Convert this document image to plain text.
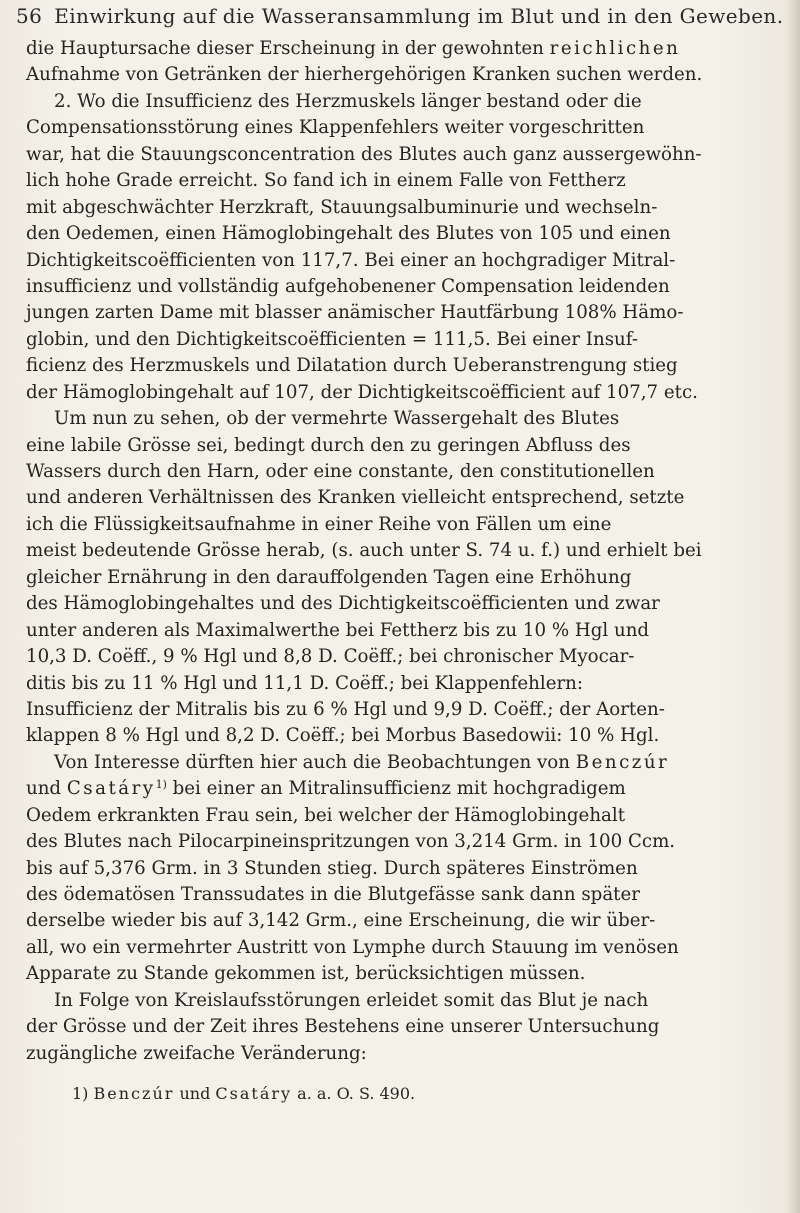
56 Einwirkung auf die Wasseransammlung im Blut und in den Geweben.
die Hauptursache dieser Erscheinung in der gewohnten reichlichen
Aufnahme von Getränken der hierhergehörigen Kranken suchen werden.
2. Wo die Insufficienz des Herzmuskels länger bestand oder die
Compensationsstörung eines Klappenfehlers weiter vorgeschritten
war, hat die Stauungsconcentration des Blutes auch ganz aussergewöhn-
lich hohe Grade erreicht. So fand ich in einem Falle von Fettherz
mit abgeschwächter Herzkraft, Stauungsalbuminurie und wechseln-
den Oedemen, einen Hämoglobingehalt des Blutes von 105 und einen
Dichtigkeitscoëfficienten von 117,7. Bei einer an hochgradiger Mitral-
insufficienz und vollständig aufgehobenener Compensation leidenden
jungen zarten Dame mit blasser anämischer Hautfärbung 108% Hämo-
globin, und den Dichtigkeitscoëfficienten = 111,5. Bei einer Insuf-
ficienz des Herzmuskels und Dilatation durch Ueberanstrengung stieg
der Hämoglobingehalt auf 107, der Dichtigkeitscoëfficient auf 107,7 etc.
Um nun zu sehen, ob der vermehrte Wassergehalt des Blutes
eine labile Grösse sei, bedingt durch den zu geringen Abfluss des
Wassers durch den Harn, oder eine constante, den constitutionellen
und anderen Verhältnissen des Kranken vielleicht entsprechend, setzte
ich die Flüssigkeitsaufnahme in einer Reihe von Fällen um eine
meist bedeutende Grösse herab, (s. auch unter S. 74 u. f.) und erhielt bei
gleicher Ernährung in den darauffolgenden Tagen eine Erhöhung
des Hämoglobingehaltes und des Dichtigkeitscoëfficienten und zwar
unter anderen als Maximalwerthe bei Fettherz bis zu 10 % Hgl und
10,3 D. Coëff., 9 % Hgl und 8,8 D. Coëff.; bei chronischer Myocar-
ditis bis zu 11 % Hgl und 11,1 D. Coëff.; bei Klappenfehlern:
Insufficienz der Mitralis bis zu 6 % Hgl und 9,9 D. Coëff.; der Aorten-
klappen 8 % Hgl und 8,2 D. Coëff.; bei Morbus Basedowii: 10 % Hgl.
Von Interesse dürften hier auch die Beobachtungen von Benczúr
und Csatáry$^{1)}$ bei einer an Mitralinsufficienz mit hochgradigem
Oedem erkrankten Frau sein, bei welcher der Hämoglobingehalt
des Blutes nach Pilocarpineinspritzungen von 3,214 Grm. in 100 Ccm.
bis auf 5,376 Grm. in 3 Stunden stieg. Durch späteres Einströmen
des ödematösen Transsudates in die Blutgefässe sank dann später
derselbe wieder bis auf 3,142 Grm., eine Erscheinung, die wir über-
all, wo ein vermehrter Austritt von Lymphe durch Stauung im venösen
Apparate zu Stande gekommen ist, berücksichtigen müssen.
In Folge von Kreislaufsstörungen erleidet somit das Blut je nach
der Grösse und der Zeit ihres Bestehens eine unserer Untersuchung
zugängliche zweifache Veränderung:
1) Benczúr und Csatáry a. a. O. S. 490.
